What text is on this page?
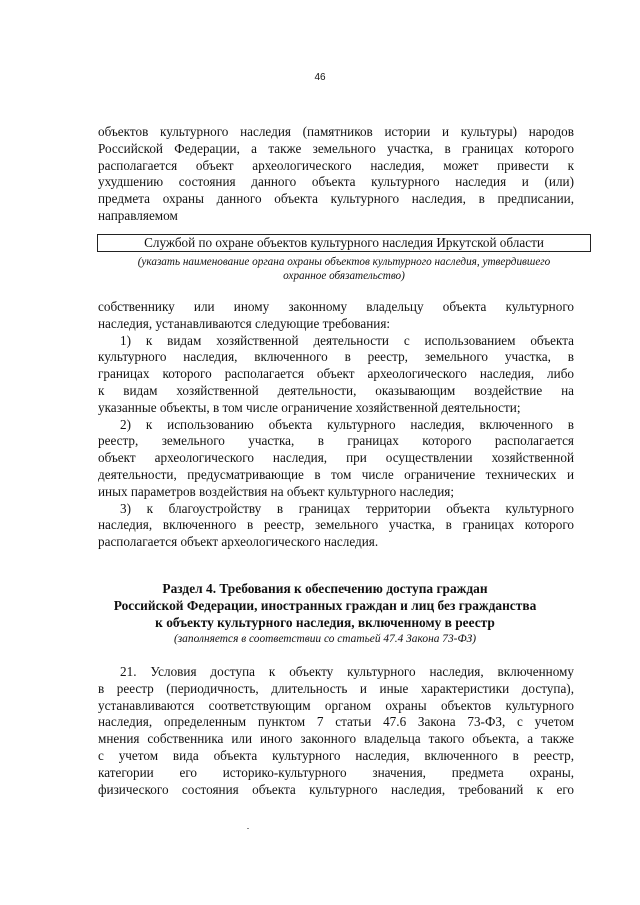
46
объектов культурного наследия (памятников истории и культуры) народов
Российской Федерации, а также земельного участка, в границах которого
располагается объект археологического наследия, может привести к
ухудшению состояния данного объекта культурного наследия и (или)
предмета охраны данного объекта культурного наследия, в предписании,
направляемом
Службой по охране объектов культурного наследия Иркутской области
(указать наименование органа охраны объектов культурного наследия, утвердившего
охранное обязательство)
собственнику или иному законному владельцу объекта культурного
наследия, устанавливаются следующие требования:
1) к видам хозяйственной деятельности с использованием объекта
культурного наследия, включенного в реестр, земельного участка, в
границах которого располагается объект археологического наследия, либо
к видам хозяйственной деятельности, оказывающим воздействие на
указанные объекты, в том числе ограничение хозяйственной деятельности;
2) к использованию объекта культурного наследия, включенного в
реестр, земельного участка, в границах которого располагается
объект археологического наследия, при осуществлении хозяйственной
деятельности, предусматривающие в том числе ограничение технических и
иных параметров воздействия на объект культурного наследия;
3) к благоустройству в границах территории объекта культурного
наследия, включенного в реестр, земельного участка, в границах которого
располагается объект археологического наследия.
Раздел 4. Требования к обеспечению доступа граждан
Российской Федерации, иностранных граждан и лиц без гражданства
к объекту культурного наследия, включенному в реестр
(заполняется в соответствии со статьей 47.4 Закона 73-ФЗ)
21. Условия доступа к объекту культурного наследия, включенному
в реестр (периодичность, длительность и иные характеристики доступа),
устанавливаются соответствующим органом охраны объектов культурного
наследия, определенным пунктом 7 статьи 47.6 Закона 73-ФЗ, с учетом
мнения собственника или иного законного владельца такого объекта, а также
с учетом вида объекта культурного наследия, включенного в реестр,
категории его историко-культурного значения, предмета охраны,
физического состояния объекта культурного наследия, требований к его
